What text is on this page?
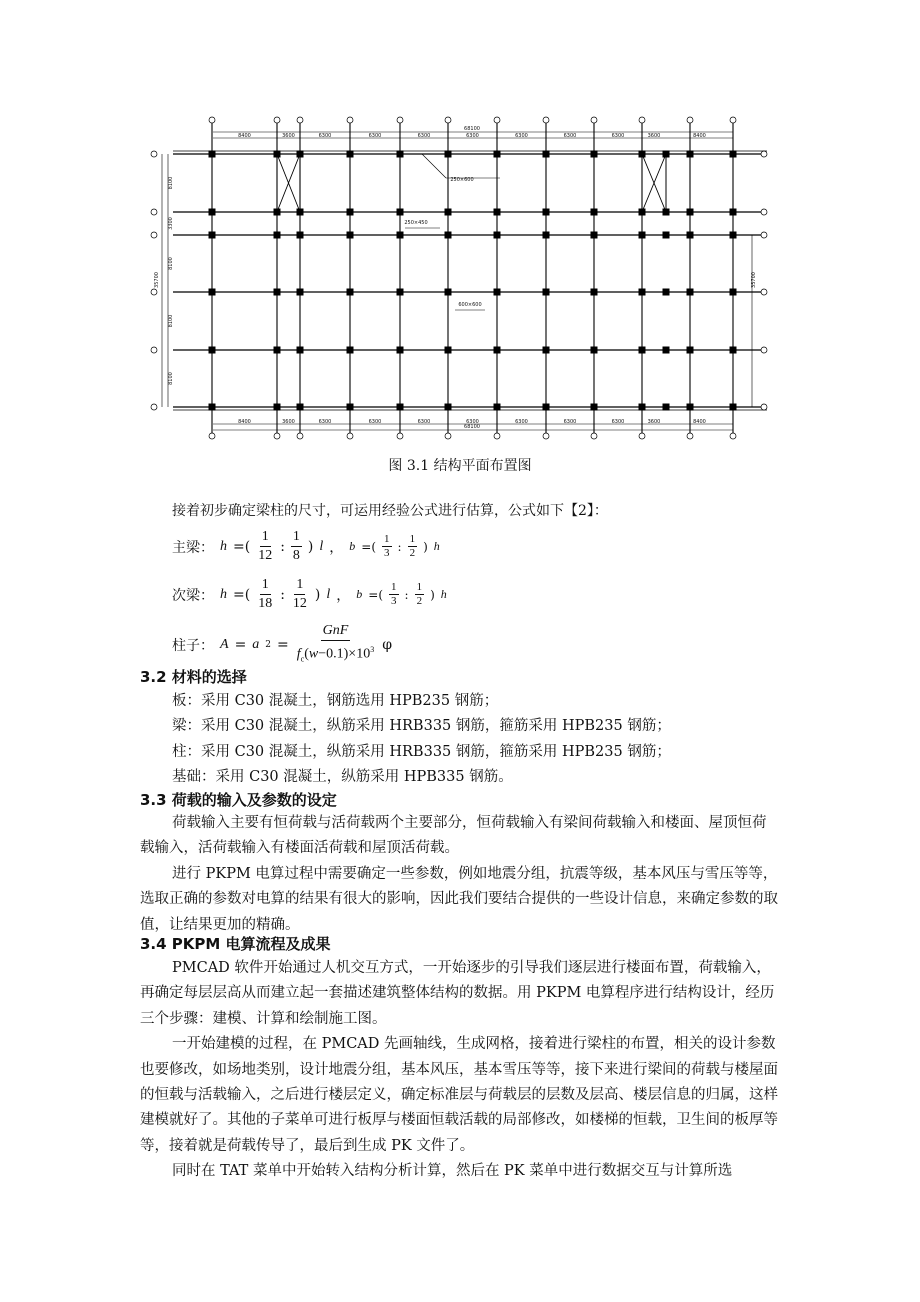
8400
8400
3600
3600
6300
6300
6300
6300
6300
6300
6300
6300
6300
6300
6300
6300
6300
6300
3600
3600
8400
8400
68100
68100
8100
3300
8100
8100
8100
35700	35700
250×600
250×450
600×600
图 3.1 结构平面布置图
接着初步确定梁柱的尺寸，可运用经验公式进行估算，公式如下【2】：
主梁： h =( $\frac{1}{12}$ : $\frac{1}{8}$ ) l ， b =( $\frac{1}{3}$ : $\frac{1}{2}$ ) h
次梁： h =( $\frac{1}{18}$ : $\frac{1}{12}$ ) l ， b =( $\frac{1}{3}$ : $\frac{1}{2}$ ) h
柱子： A = a $2 = \frac{\text{GnF}}{f_c(w-0.1)\times 10^3}$ φ
3.2 材料的选择
板：采用 C30 混凝土，钢筋选用 HPB235 钢筋；
梁：采用 C30 混凝土，纵筋采用 HRB335 钢筋，箍筋采用 HPB235 钢筋；
柱：采用 C30 混凝土，纵筋采用 HRB335 钢筋，箍筋采用 HPB235 钢筋；
基础：采用 C30 混凝土，纵筋采用 HPB335 钢筋。
3.3 荷载的输入及参数的设定

荷载输入主要有恒荷载与活荷载两个主要部分，恒荷载输入有梁间荷载输入和楼面、屋顶恒荷载输入，活荷载输入有楼面活荷载和屋顶活荷载。

进行 PKPM 电算过程中需要确定一些参数，例如地震分组，抗震等级，基本风压与雪压等等，选取正确的参数对电算的结果有很大的影响，因此我们要结合提供的一些设计信息，来确定参数的取值，让结果更加的精确。

3.4 PKPM 电算流程及成果

PMCAD 软件开始通过人机交互方式，一开始逐步的引导我们逐层进行楼面布置，荷载输入，再确定每层层高从而建立起一套描述建筑整体结构的数据。用 PKPM 电算程序进行结构设计，经历三个步骤：建模、计算和绘制施工图。

一开始建模的过程，在 PMCAD 先画轴线，生成网格，接着进行梁柱的布置，相关的设计参数也要修改，如场地类别，设计地震分组，基本风压，基本雪压等等，接下来进行梁间的荷载与楼屋面的恒载与活载输入，之后进行楼层定义，确定标准层与荷载层的层数及层高、楼层信息的归属，这样建模就好了。其他的子菜单可进行板厚与楼面恒载活载的局部修改，如楼梯的恒载，卫生间的板厚等等，接着就是荷载传导了，最后到生成 PK 文件了。

同时在 TAT 菜单中开始转入结构分析计算，然后在 PK 菜单中进行数据交互与计算所选
